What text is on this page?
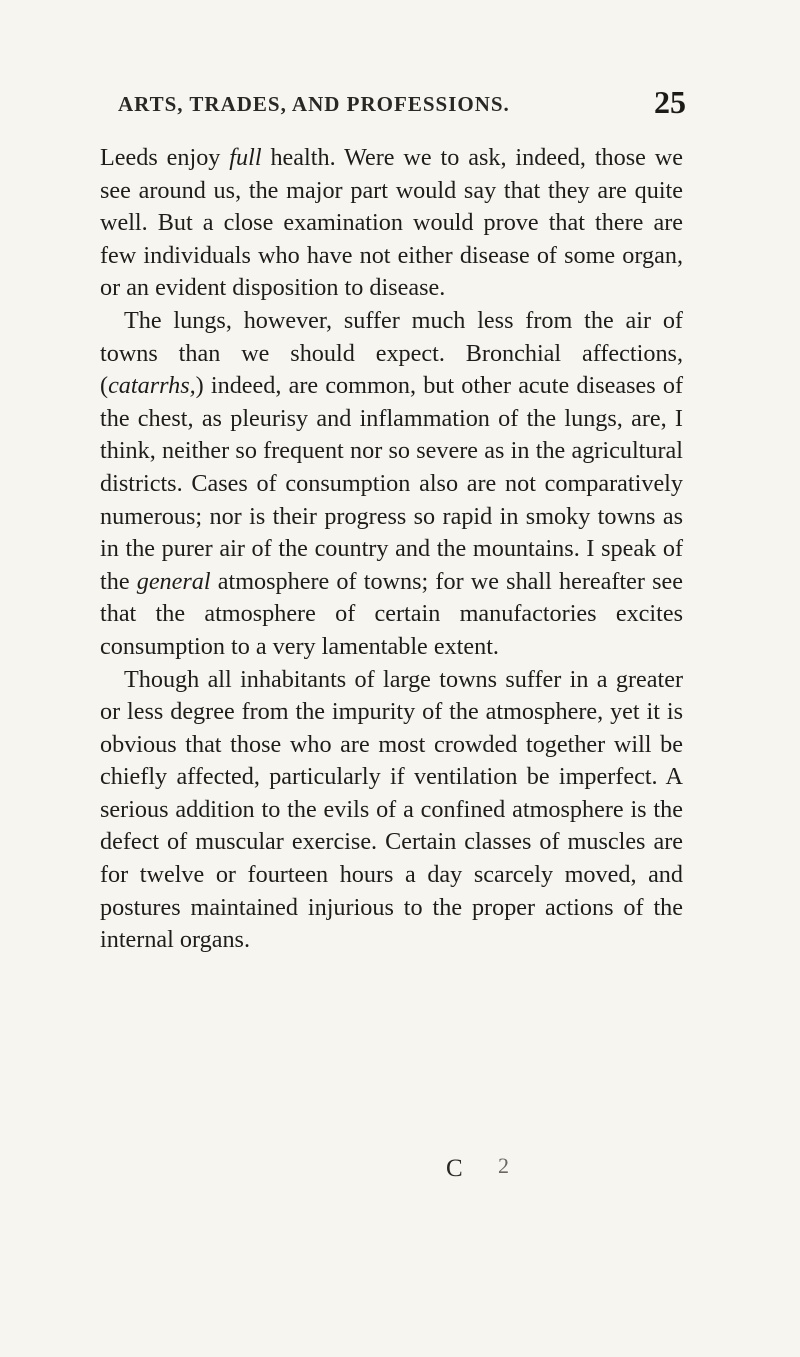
ARTS, TRADES, AND PROFESSIONS.	25

Leeds enjoy full health. Were we to ask, indeed, those we see around us, the major part would say that they are quite well. But a close examination would prove that there are few individuals who have not either disease of some organ, or an evident disposition to disease.

The lungs, however, suffer much less from the air of towns than we should expect. Bronchial affections, (catarrhs,) indeed, are common, but other acute diseases of the chest, as pleurisy and inflammation of the lungs, are, I think, neither so frequent nor so severe as in the agricultural districts. Cases of consumption also are not comparatively numerous; nor is their progress so rapid in smoky towns as in the purer air of the country and the mountains. I speak of the general atmosphere of towns; for we shall hereafter see that the atmosphere of certain manufactories excites consumption to a very lamentable extent.

Though all inhabitants of large towns suffer in a greater or less degree from the impurity of the atmosphere, yet it is obvious that those who are most crowded together will be chiefly affected, particularly if ventilation be imperfect. A serious addition to the evils of a confined atmosphere is the defect of muscular exercise. Certain classes of muscles are for twelve or fourteen hours a day scarcely moved, and postures maintained injurious to the proper actions of the internal organs.

C 2
